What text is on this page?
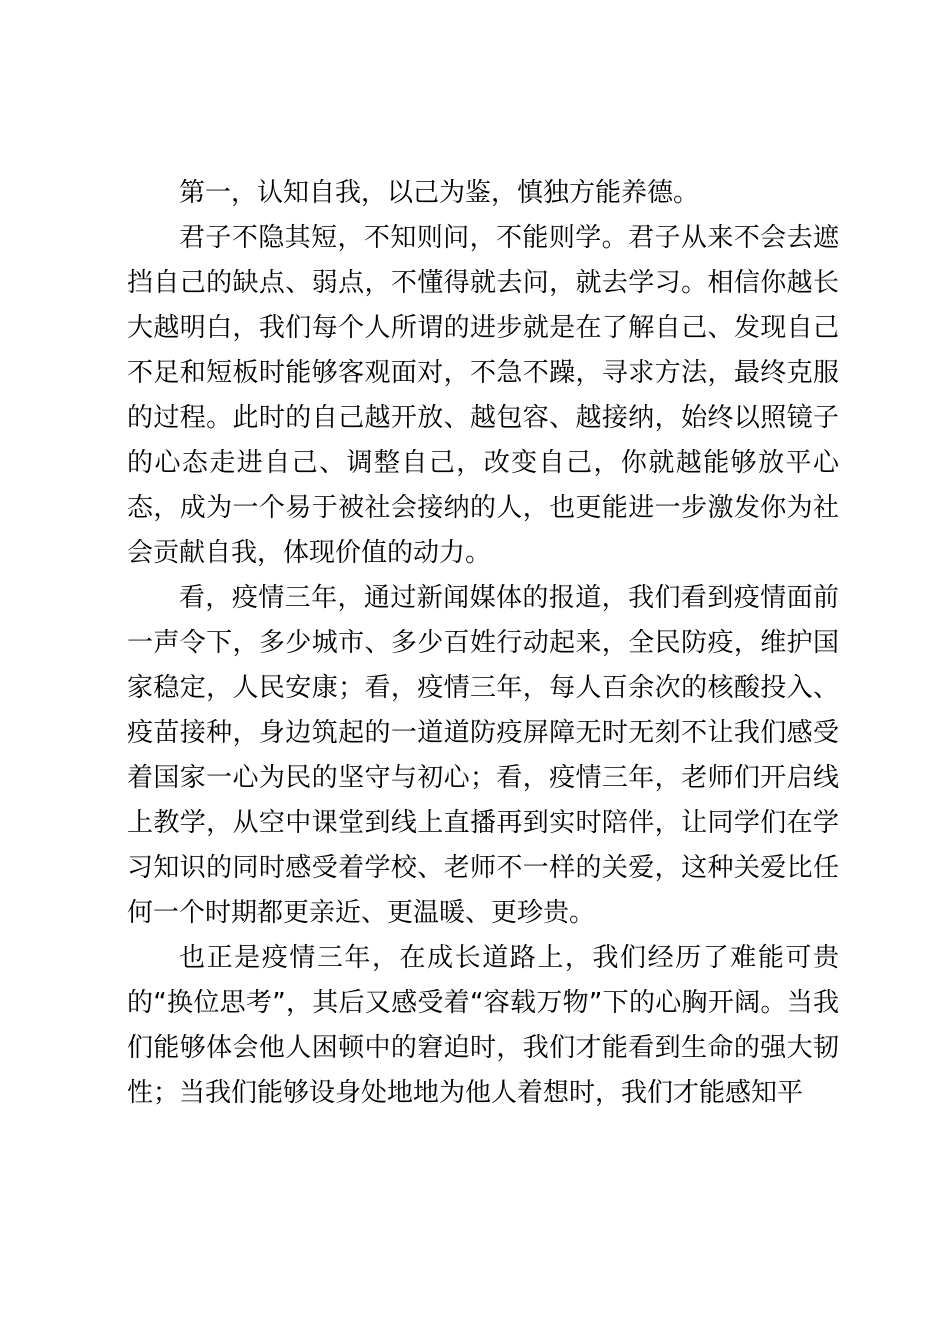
第一，认知自我，以己为鉴，慎独方能养德。

君子不隐其短，不知则问，不能则学。君子从来不会去遮挡自己的缺点、弱点，不懂得就去问，就去学习。相信你越长大越明白，我们每个人所谓的进步就是在了解自己、发现自己不足和短板时能够客观面对，不急不躁，寻求方法，最终克服的过程。此时的自己越开放、越包容、越接纳，始终以照镜子的心态走进自己、调整自己，改变自己，你就越能够放平心态，成为一个易于被社会接纳的人，也更能进一步激发你为社会贡献自我，体现价值的动力。

看，疫情三年，通过新闻媒体的报道，我们看到疫情面前一声令下，多少城市、多少百姓行动起来，全民防疫，维护国家稳定，人民安康；看，疫情三年，每人百余次的核酸投入、疫苗接种，身边筑起的一道道防疫屏障无时无刻不让我们感受着国家一心为民的坚守与初心；看，疫情三年，老师们开启线上教学，从空中课堂到线上直播再到实时陪伴，让同学们在学习知识的同时感受着学校、老师不一样的关爱，这种关爱比任何一个时期都更亲近、更温暖、更珍贵。

也正是疫情三年，在成长道路上，我们经历了难能可贵的“换位思考”，其后又感受着“容载万物”下的心胸开阔。当我们能够体会他人困顿中的窘迫时，我们才能看到生命的强大韧性；当我们能够设身处地地为他人着想时，我们才能感知平
